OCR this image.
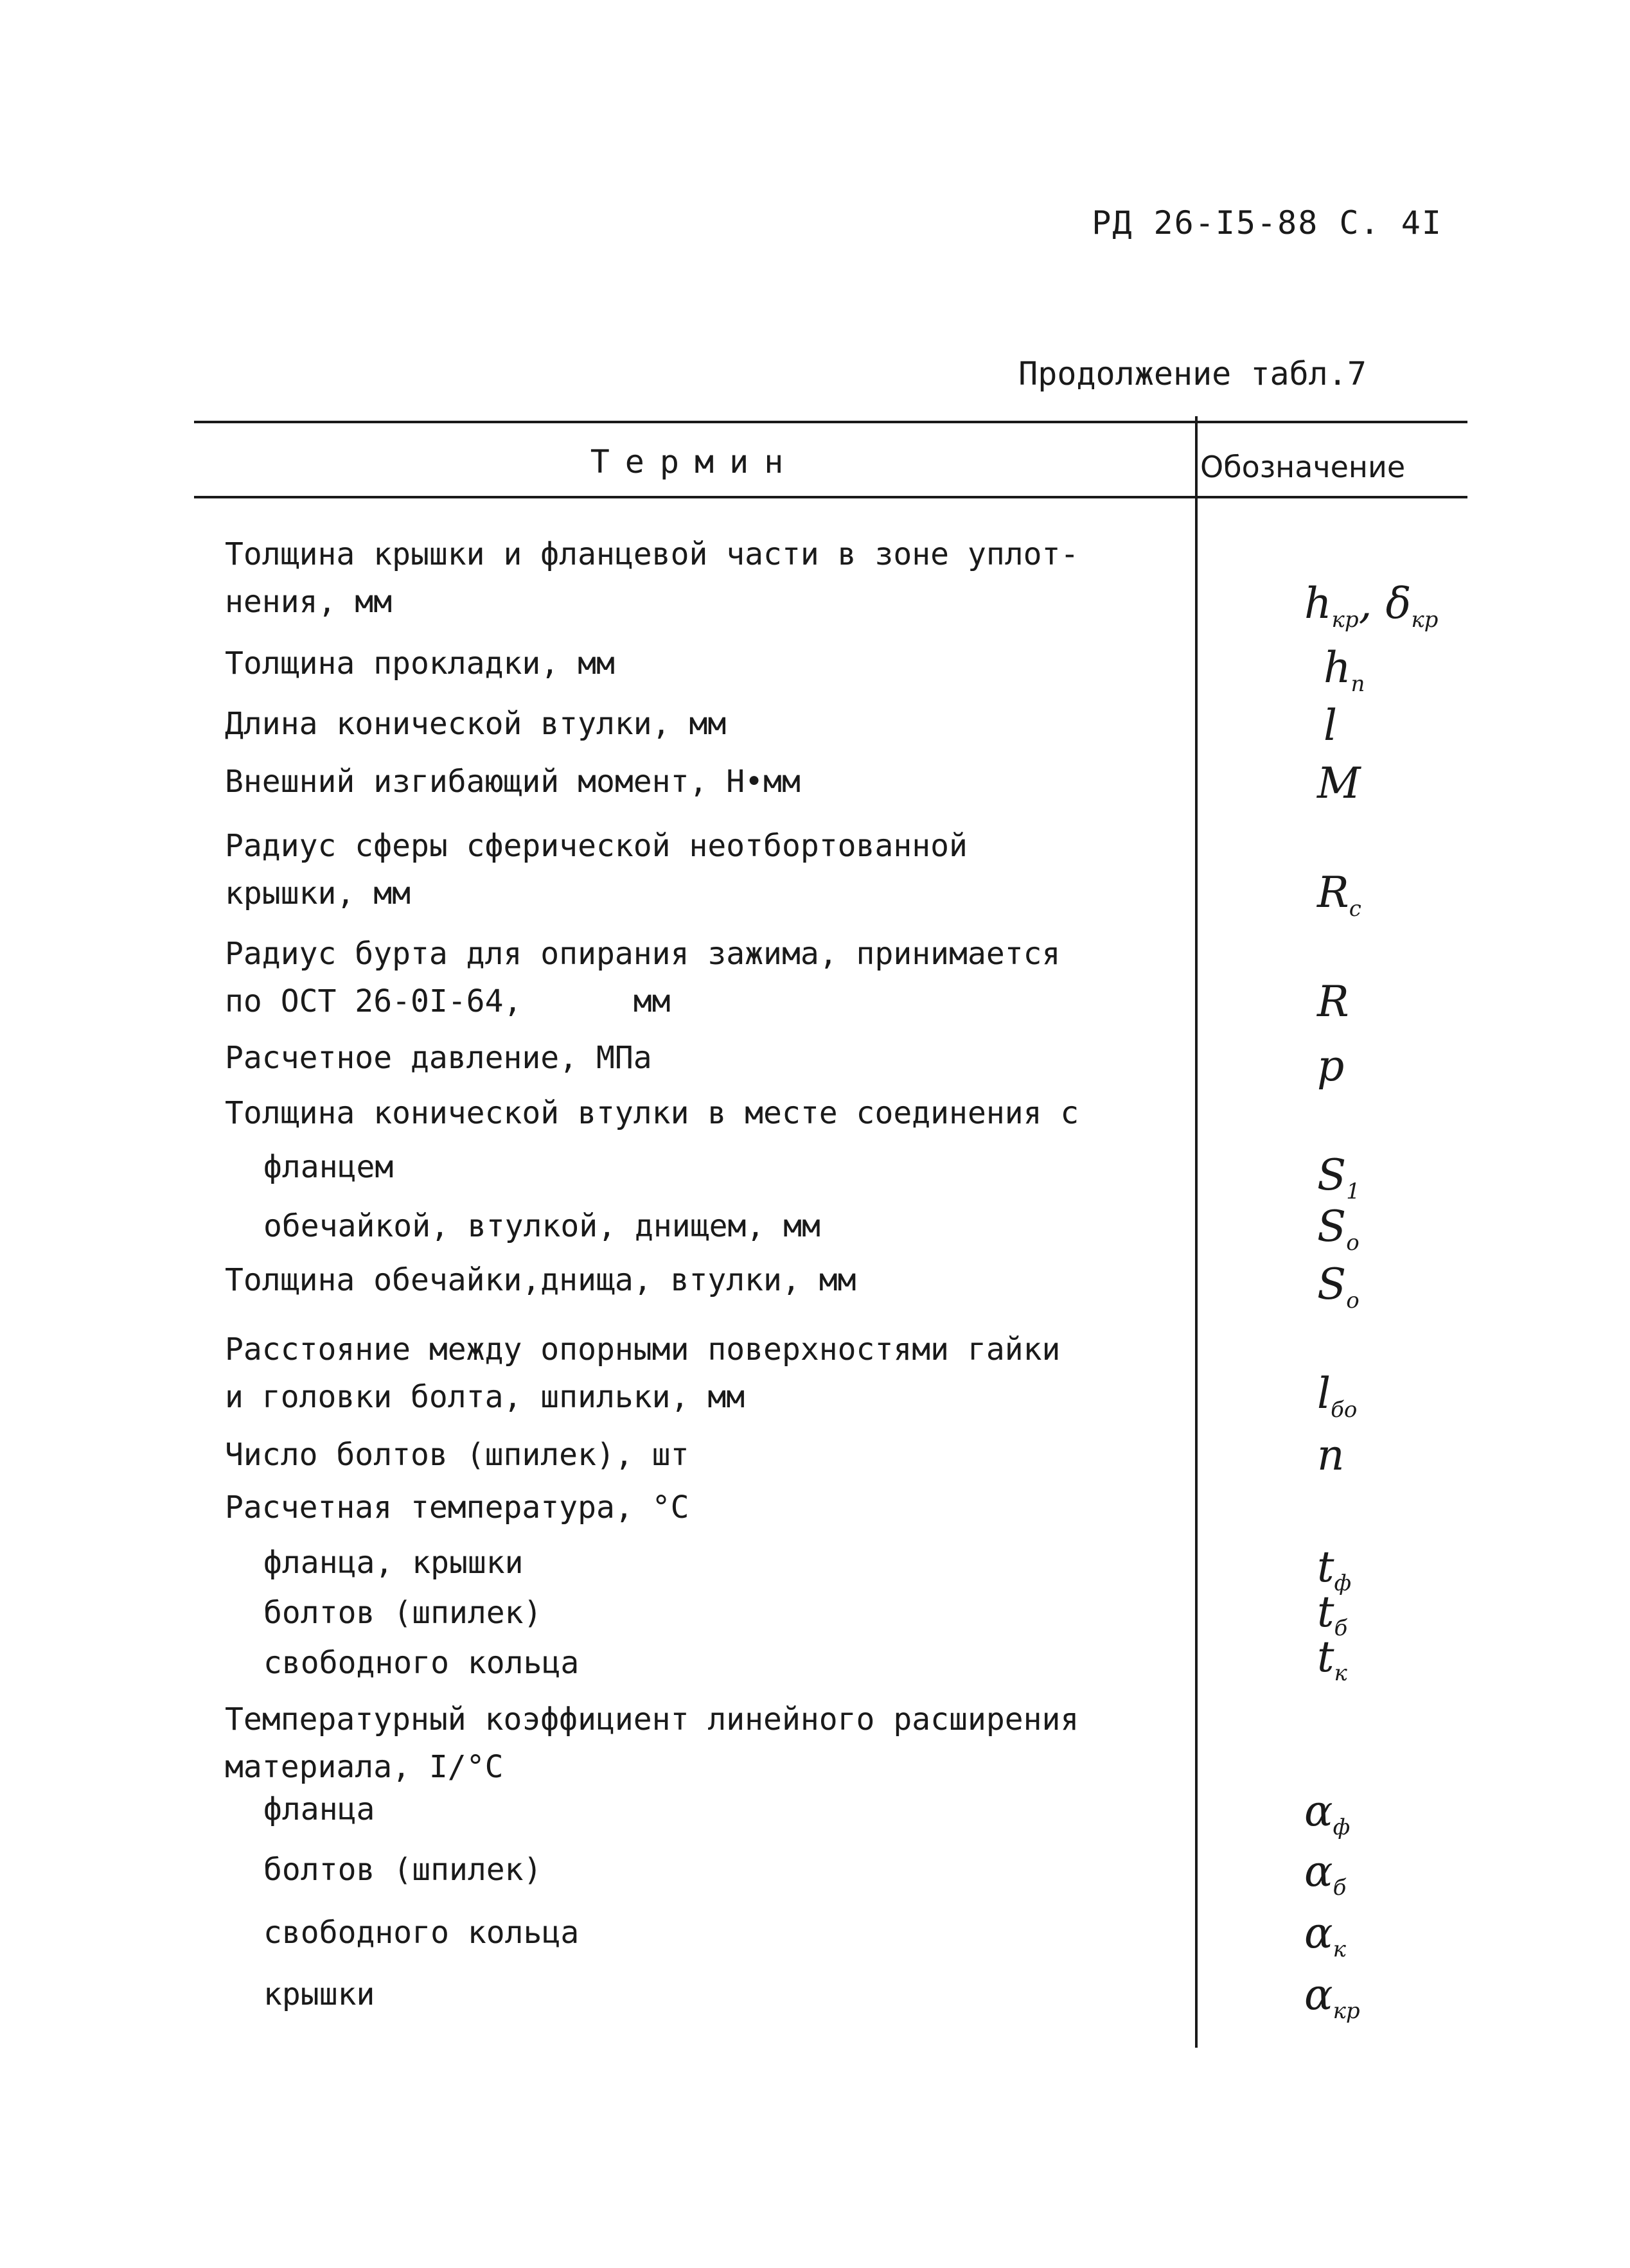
РД 26-I5-88 С. 4I
Продолжение табл.7
Термин	Обозначение
Толщина крышки и фланцевой части в зоне уплот-
нения, мм
Толщина прокладки, мм
Длина конической втулки, мм
Внешний изгибающий момент, Н•мм
Радиус сферы сферической неотбортованной
крышки, мм
Радиус бурта для опирания зажима, принимается
по ОСТ 26-0I-64,      мм
Расчетное давление, МПа
Толщина конической втулки в месте соединения с
фланцем
обечайкой, втулкой, днищем, мм
Толщина обечайки,днища, втулки, мм
Расстояние между опорными поверхностями гайки
и головки болта, шпильки, мм
Число болтов (шпилек), шт
Расчетная температура, °С
фланца, крышки
болтов (шпилек)
свободного кольца
Температурный коэффициент линейного расширения
материала, I/°С
фланца
болтов (шпилек)
свободного кольца
крышки
$h_{кр}$, $\delta_{кр}$
$h_п$
l
M
$R_c$
R
p
$S_1$
$S_o$
$S_o$
$l_{бо}$
n
$t_ф$
$t_б$
$t_к$
$\alpha_ф$
$\alpha_б$
$\alpha_к$
$\alpha_{кр}$
